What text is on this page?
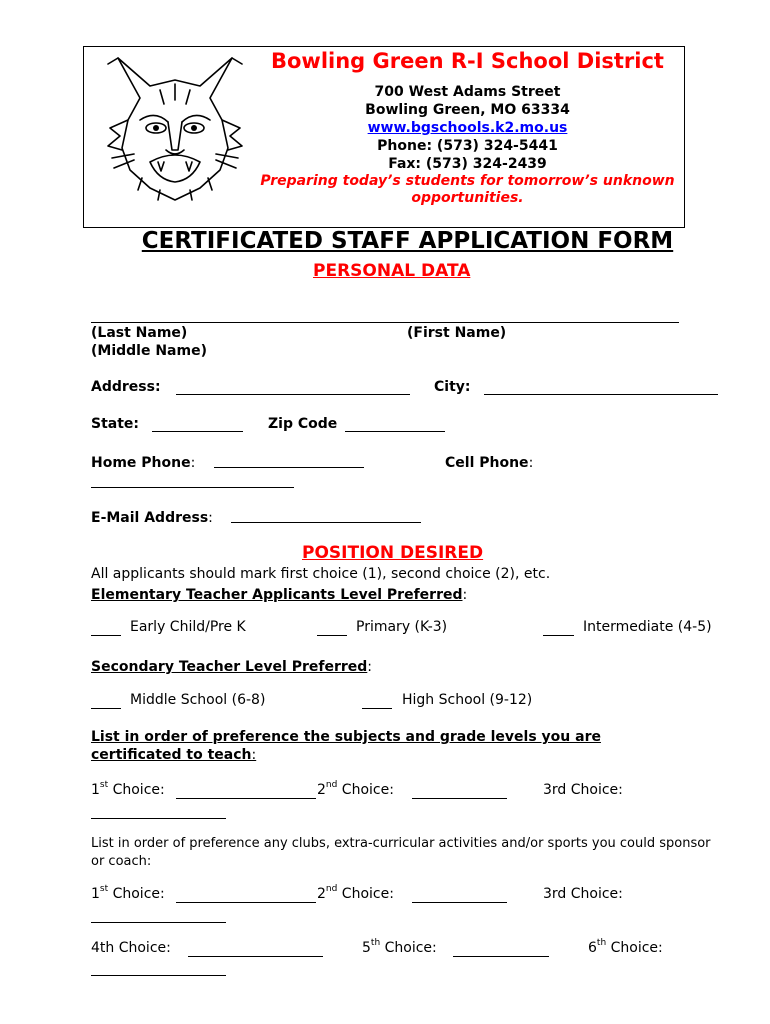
Bowling Green R-I School District
700 West Adams Street
Bowling Green, MO 63334
www.bgschools.k2.mo.us
Phone: (573) 324-5441
Fax: (573) 324-2439
Preparing today’s students for tomorrow’s unknown opportunities.
CERTIFICATED STAFF APPLICATION FORM
PERSONAL DATA
(Last Name)	(First Name)
(Middle Name)
Address:	City:
State:	Zip Code
Home Phone:	Cell Phone:
E-Mail Address:
POSITION DESIRED
All applicants should mark first choice (1), second choice (2), etc.
Elementary Teacher Applicants Level Preferred:
Early Child/Pre K	Primary (K-3)	Intermediate (4-5)
Secondary Teacher Level Preferred:
Middle School (6-8)	High School (9-12)
List in order of preference the subjects and grade levels you are certificated to teach:
1st Choice:	2nd Choice:	3rd Choice:
List in order of preference any clubs, extra-curricular activities and/or sports you could sponsor or coach:
1st Choice:	2nd Choice:	3rd Choice:
4th Choice:	5th Choice:	6th Choice:
